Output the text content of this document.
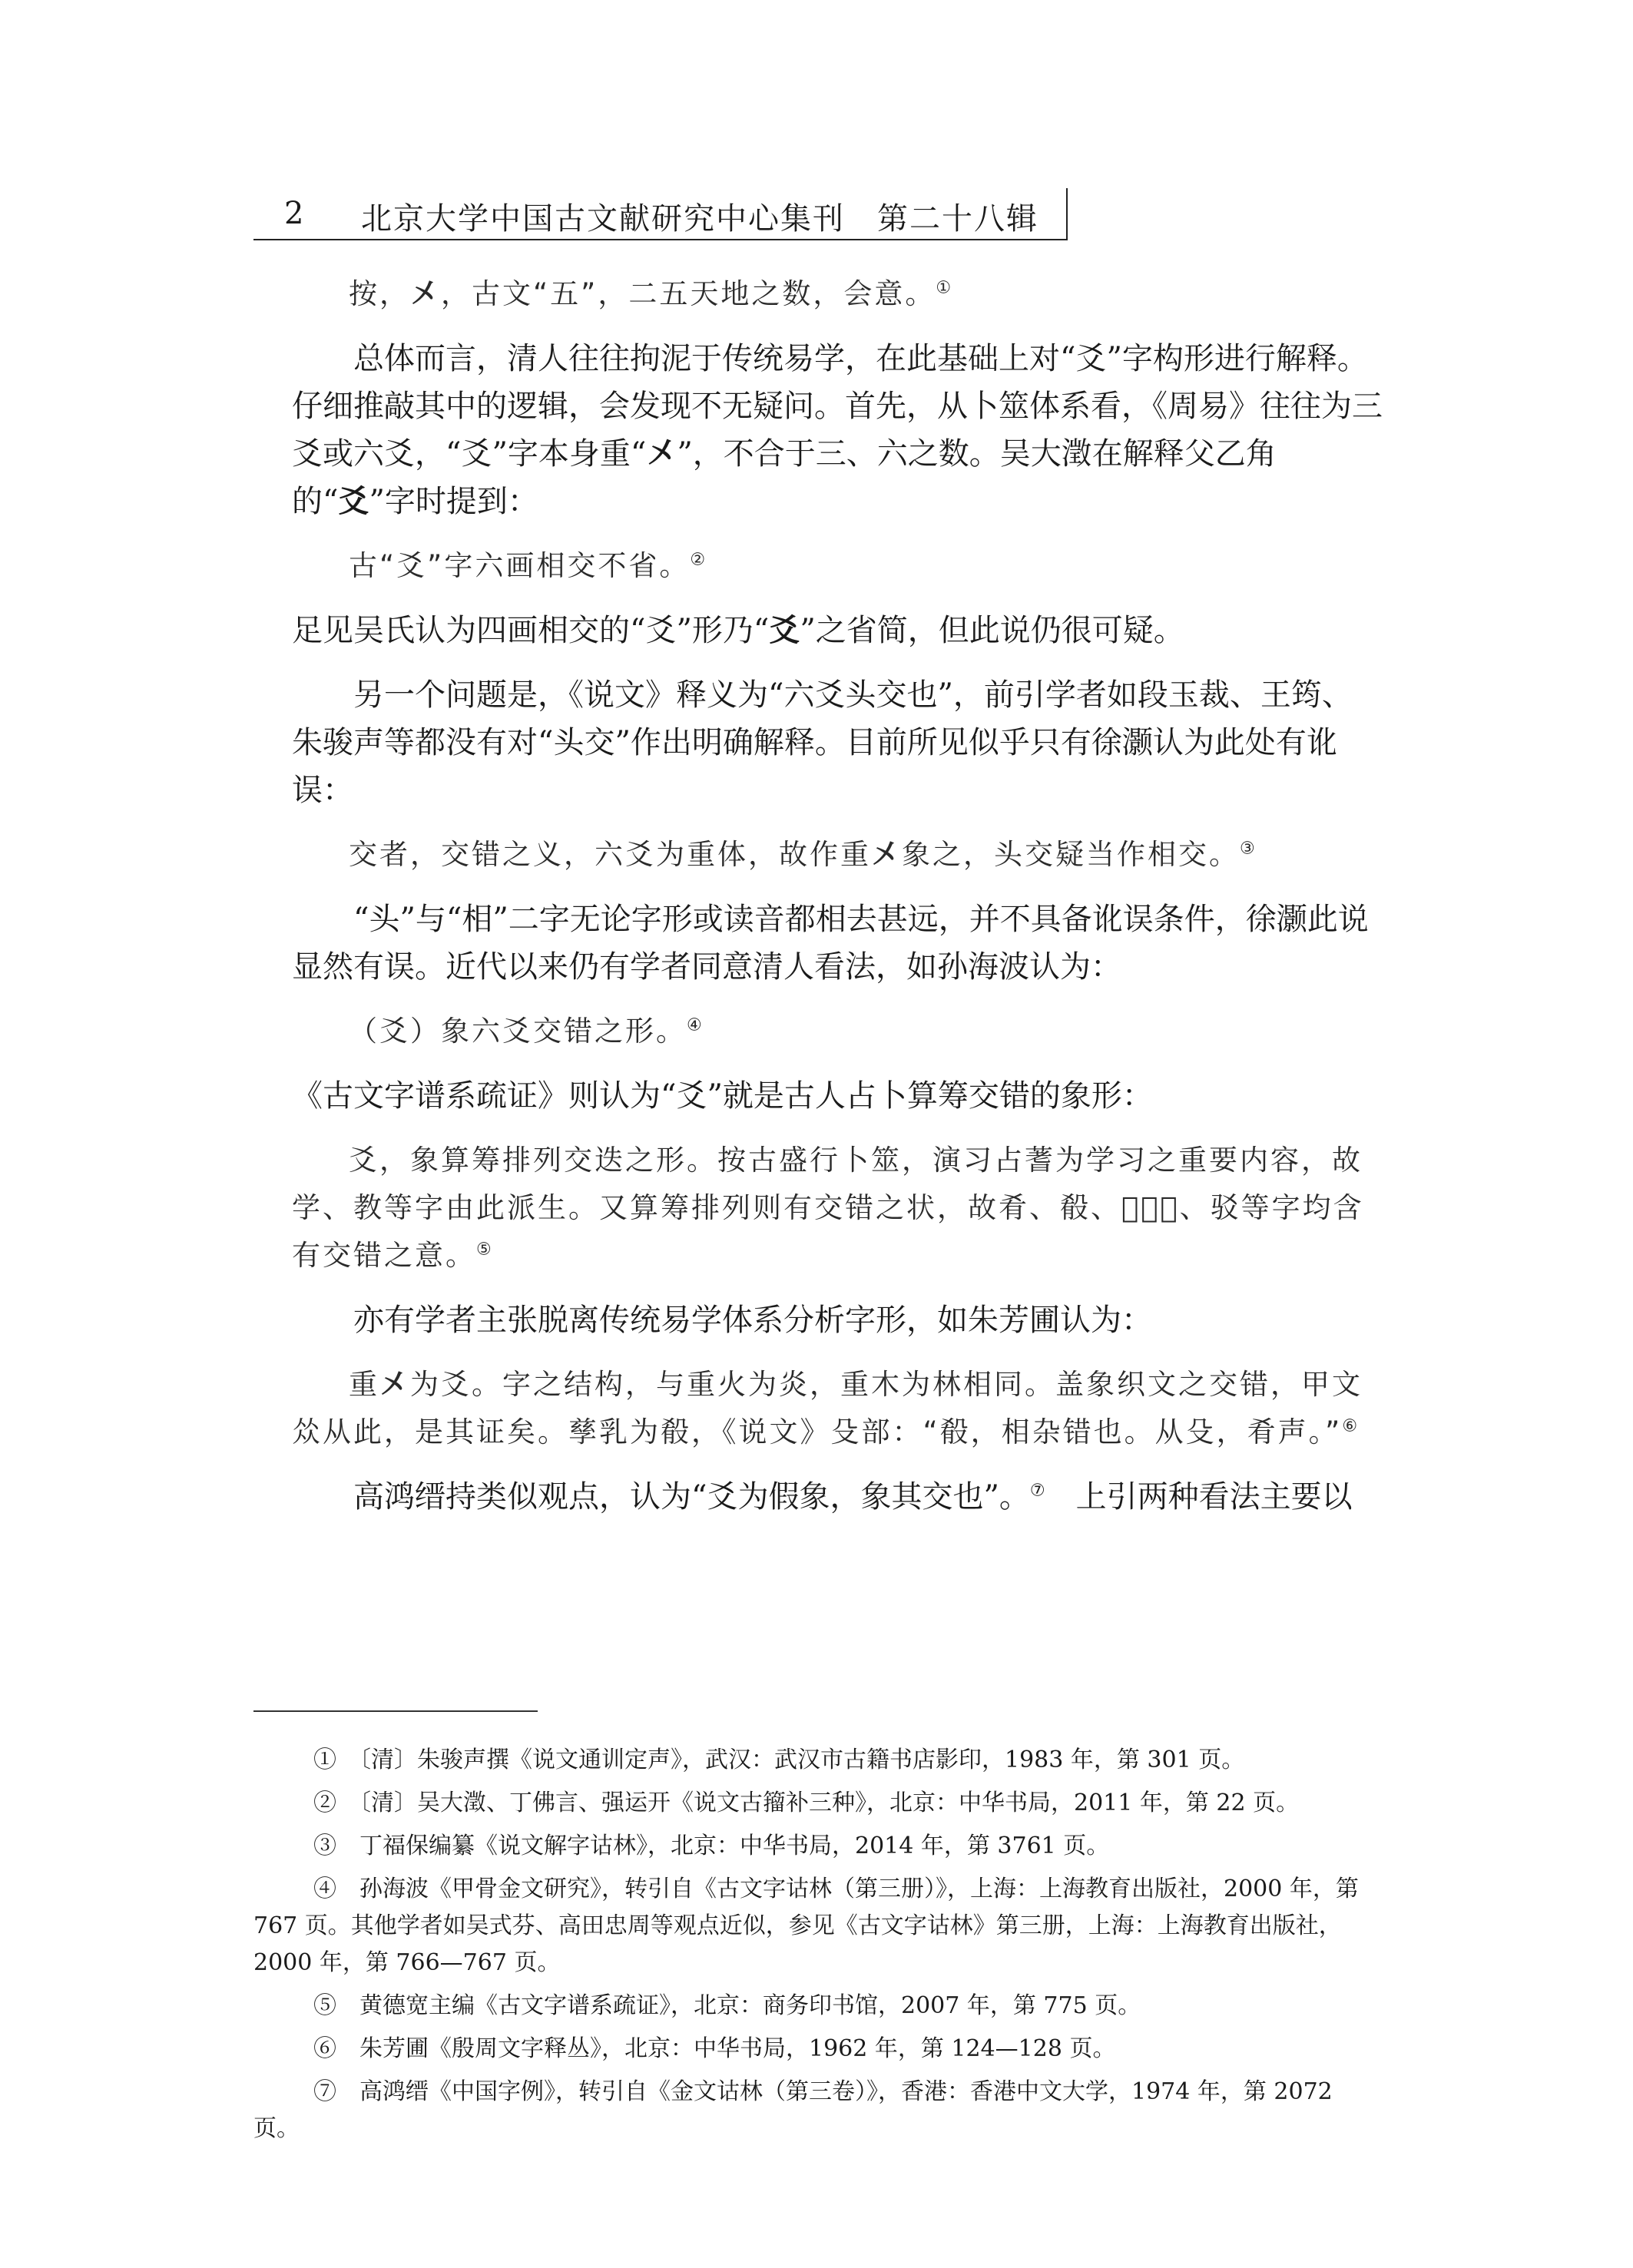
2 北京大学中国古文献研究中心集刊　第二十八辑

按，㐅，古文“五”，二五天地之数，会意。①

总体而言，清人往往拘泥于传统易学，在此基础上对“爻”字构形进行解释。仔细推敲其中的逻辑，会发现不无疑问。首先，从卜筮体系看，《周易》往往为三爻或六爻，“爻”字本身重“㐅”，不合于三、六之数。吴大澂在解释父乙角的“爻”字时提到：

古“爻”字六画相交不省。②

足见吴氏认为四画相交的“爻”形乃“爻”之省简，但此说仍很可疑。

另一个问题是，《说文》释义为“六爻头交也”，前引学者如段玉裁、王筠、朱骏声等都没有对“头交”作出明确解释。目前所见似乎只有徐灏认为此处有讹误：

交者，交错之义，六爻为重体，故作重㐅象之，头交疑当作相交。③

“头”与“相”二字无论字形或读音都相去甚远，并不具备讹误条件，徐灏此说显然有误。近代以来仍有学者同意清人看法，如孙海波认为：

（爻）象六爻交错之形。④

《古文字谱系疏证》则认为“爻”就是古人占卜算筹交错的象形：

爻，象算筹排列交迭之形。按古盛行卜筮，演习占蓍为学习之重要内容，故学、教等字由此派生。又算筹排列则有交错之状，故肴、殽、𢼸、𣧞、驳等字均含有交错之意。⑤

亦有学者主张脱离传统易学体系分析字形，如朱芳圃认为：

重㐅为爻。字之结构，与重火为炎，重木为林相同。盖象织文之交错，甲文𠈌从此，是其证矣。孳乳为殽，《说文》殳部：“殽，相杂错也。从殳，肴声。”⑥

高鸿缙持类似观点，认为“爻为假象，象其交也”。⑦　上引两种看法主要以

①　 〔清〕朱骏声撰《说文通训定声》，武汉：武汉市古籍书店影印，1983 年，第 301 页。

②　 〔清〕吴大澂、丁佛言、强运开《说文古籀补三种》，北京：中华书局，2011 年，第 22 页。

③　 丁福保编纂《说文解字诂林》，北京：中华书局，2014 年，第 3761 页。

④　 孙海波《甲骨金文研究》，转引自《古文字诂林（第三册）》，上海：上海教育出版社，2000 年，第 767 页。其他学者如吴式芬、高田忠周等观点近似，参见《古文字诂林》第三册，上海：上海教育出版社，2000 年，第 766—767 页。

⑤　 黄德宽主编《古文字谱系疏证》，北京：商务印书馆，2007 年，第 775 页。

⑥　 朱芳圃《殷周文字释丛》，北京：中华书局，1962 年，第 124—128 页。

⑦　 高鸿缙《中国字例》，转引自《金文诂林（第三卷）》，香港：香港中文大学，1974 年，第 2072 页。
